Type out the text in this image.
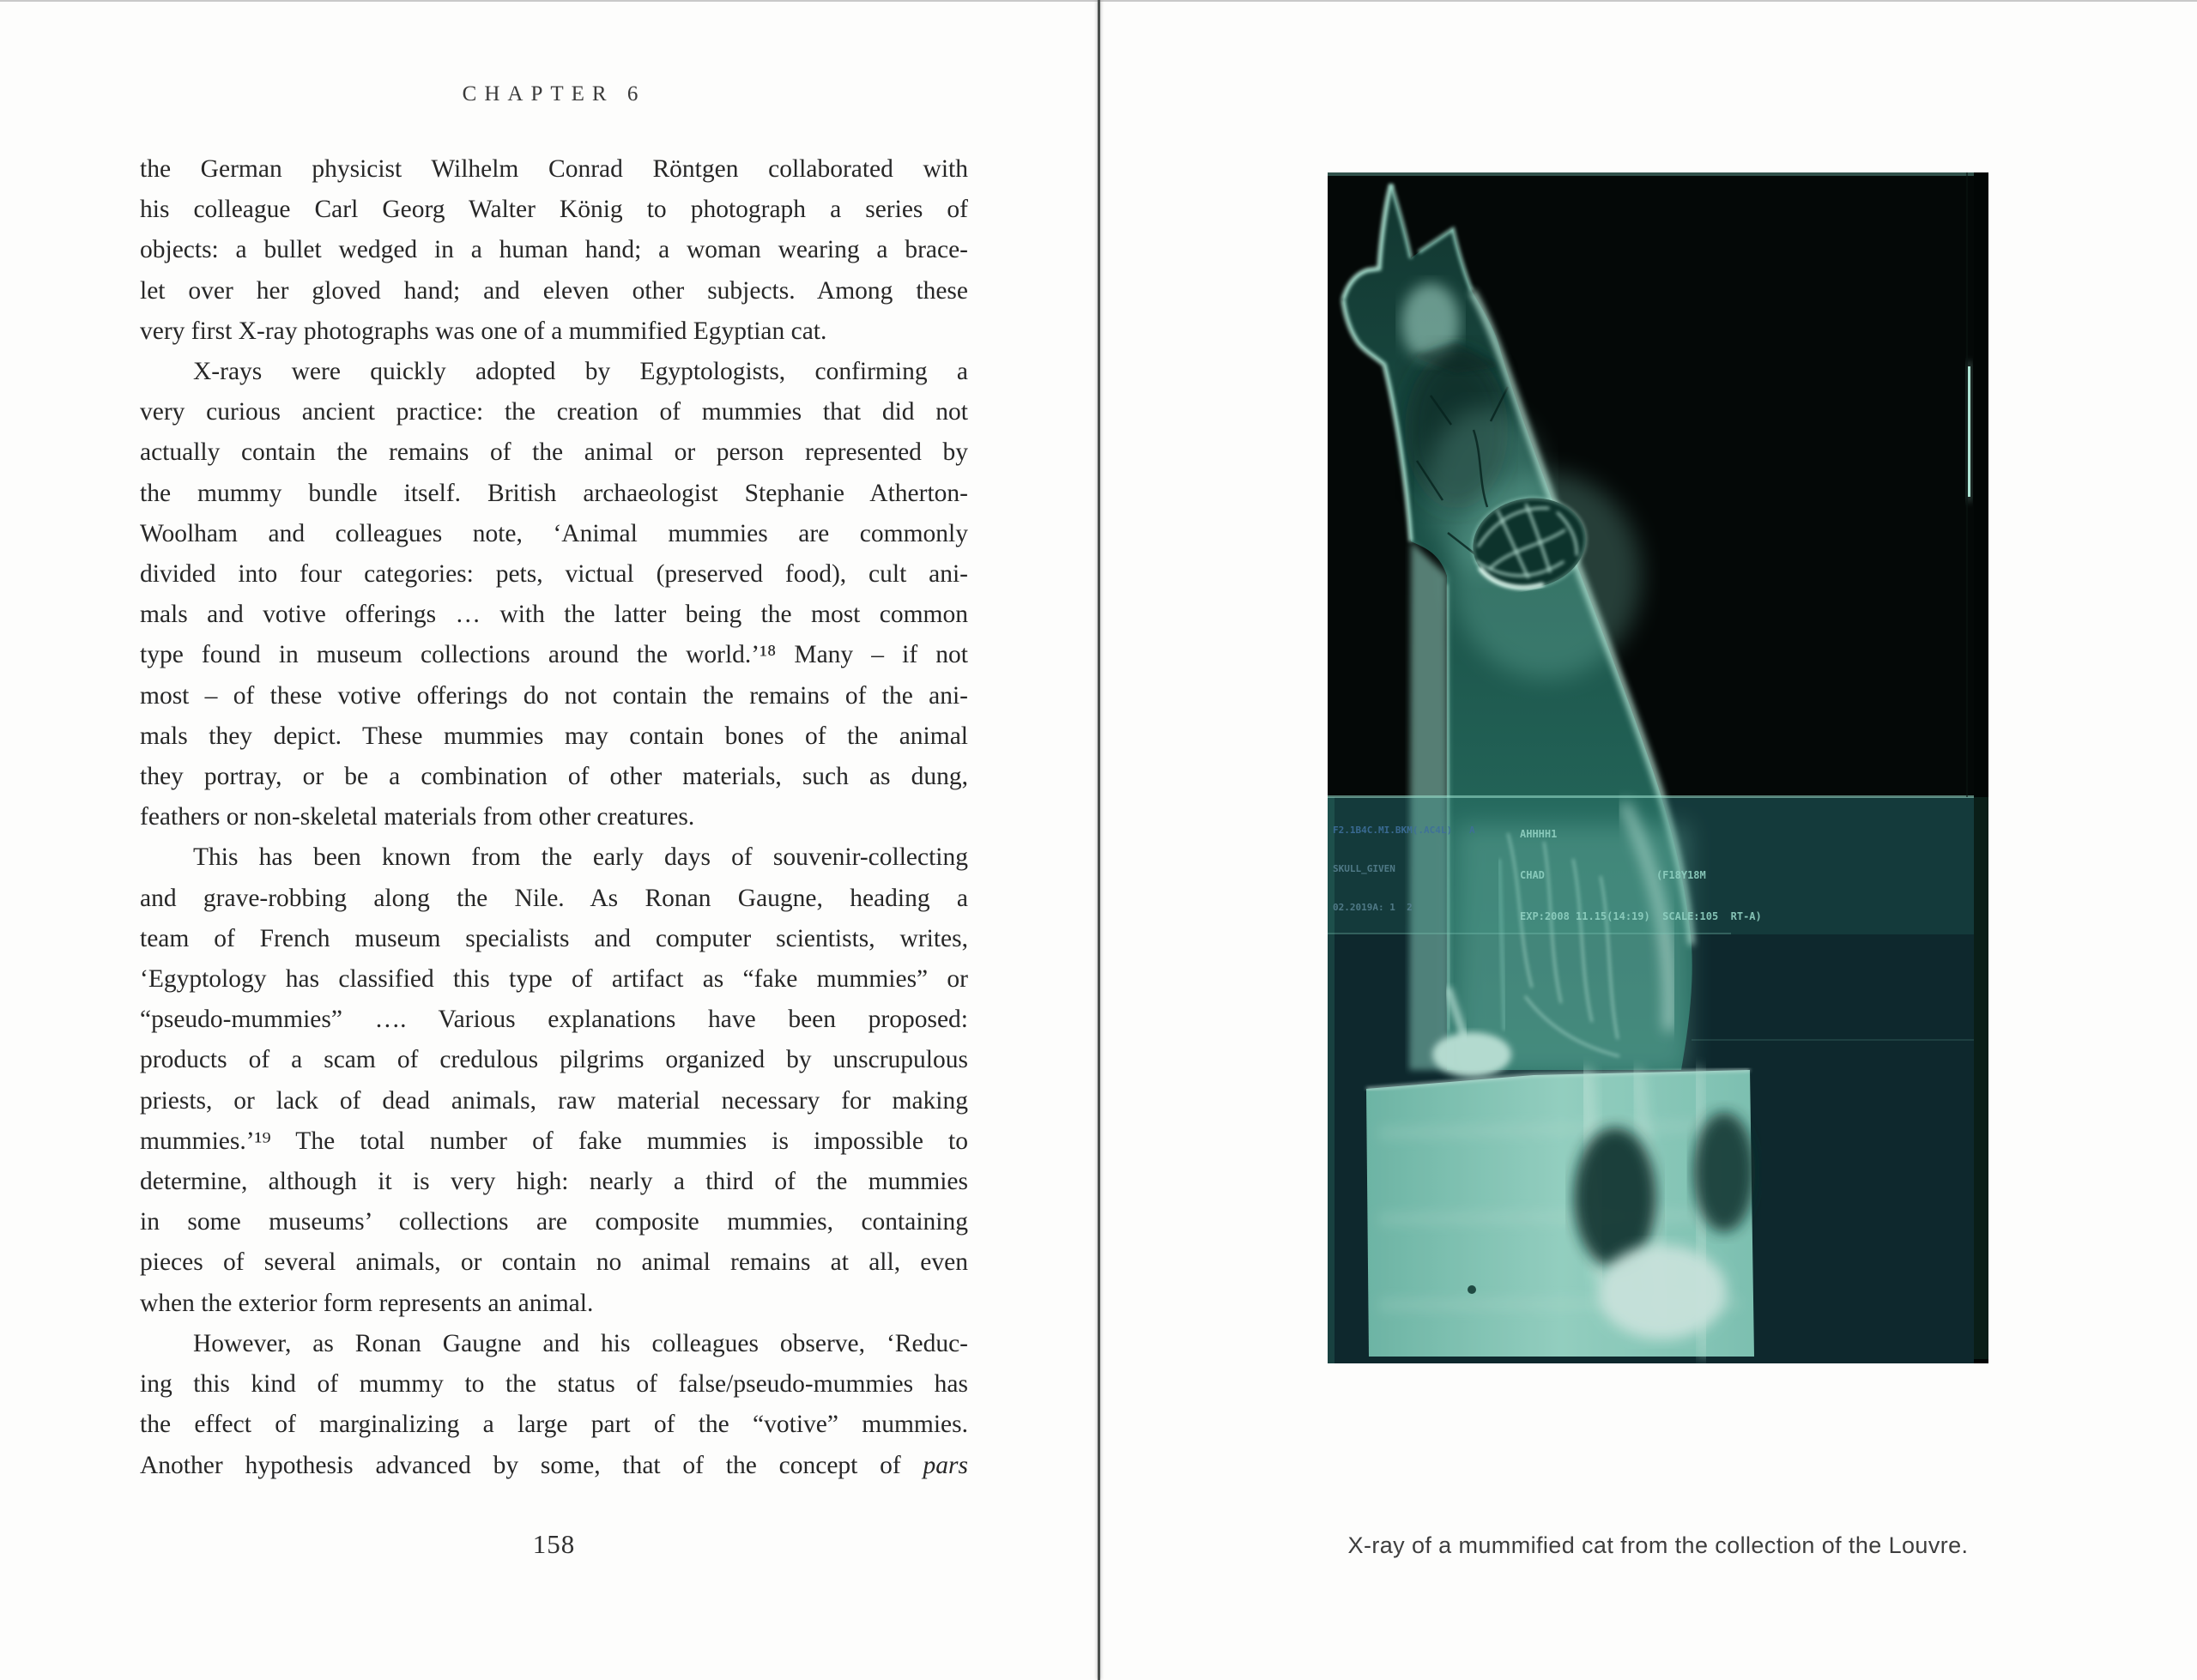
CHAPTER 6
the German physicist Wilhelm Conrad Röntgen collaborated with
his colleague Carl Georg Walter König to photograph a series of
objects: a bullet wedged in a human hand; a woman wearing a brace-
let over her gloved hand; and eleven other subjects. Among these
very first X-ray photographs was one of a mummified Egyptian cat.
X-rays were quickly adopted by Egyptologists, confirming a
very curious ancient practice: the creation of mummies that did not
actually contain the remains of the animal or person represented by
the mummy bundle itself. British archaeologist Stephanie Atherton-
Woolham and colleagues note, ‘Animal mummies are commonly
divided into four categories: pets, victual (preserved food), cult ani-
mals and votive offerings … with the latter being the most common
type found in museum collections around the world.’¹⁸ Many – if not
most – of these votive offerings do not contain the remains of the ani-
mals they depict. These mummies may contain bones of the animal
they portray, or be a combination of other materials, such as dung,
feathers or non-skeletal materials from other creatures.
This has been known from the early days of souvenir-collecting
and grave-robbing along the Nile. As Ronan Gaugne, heading a
team of French museum specialists and computer scientists, writes,
‘Egyptology has classified this type of artifact as “fake mummies” or
“pseudo-mummies” …. Various explanations have been proposed:
products of a scam of credulous pilgrims organized by unscrupulous
priests, or lack of dead animals, raw material necessary for making
mummies.’¹⁹ The total number of fake mummies is impossible to
determine, although it is very high: nearly a third of the mummies
in some museums’ collections are composite mummies, containing
pieces of several animals, or contain no animal remains at all, even
when the exterior form represents an animal.
However, as Ronan Gaugne and his colleagues observe, ‘Reduc-
ing this kind of mummy to the status of false/pseudo-mummies has
the effect of marginalizing a large part of the “votive” mummies.
Another hypothesis advanced by some, that of the concept of pars
158

F2.1B4C.MI.BKM(.AC4L)   A

SKULL_GIVEN

02.2019A: 1  2

AHHHH1

CHAD                  (F18Y18M

EXP:2008 11.15(14:19)  SCALE:105  RT-A)

X-ray of a mummified cat from the collection of the Louvre.
